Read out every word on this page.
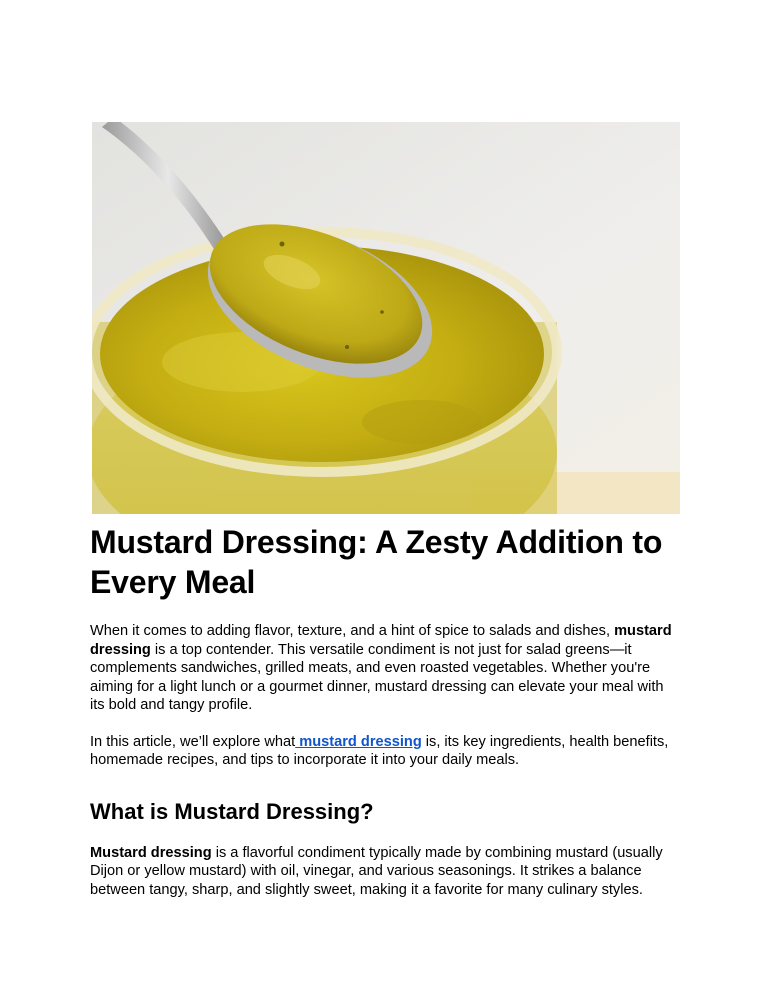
Mustard Dressing: A Zesty Addition to Every Meal

When it comes to adding flavor, texture, and a hint of spice to salads and dishes, mustard dressing is a top contender. This versatile condiment is not just for salad greens—it complements sandwiches, grilled meats, and even roasted vegetables. Whether you're aiming for a light lunch or a gourmet dinner, mustard dressing can elevate your meal with its bold and tangy profile.

In this article, we’ll explore what mustard dressing is, its key ingredients, health benefits, homemade recipes, and tips to incorporate it into your daily meals.

What is Mustard Dressing?

Mustard dressing is a flavorful condiment typically made by combining mustard (usually Dijon or yellow mustard) with oil, vinegar, and various seasonings. It strikes a balance between tangy, sharp, and slightly sweet, making it a favorite for many culinary styles.
